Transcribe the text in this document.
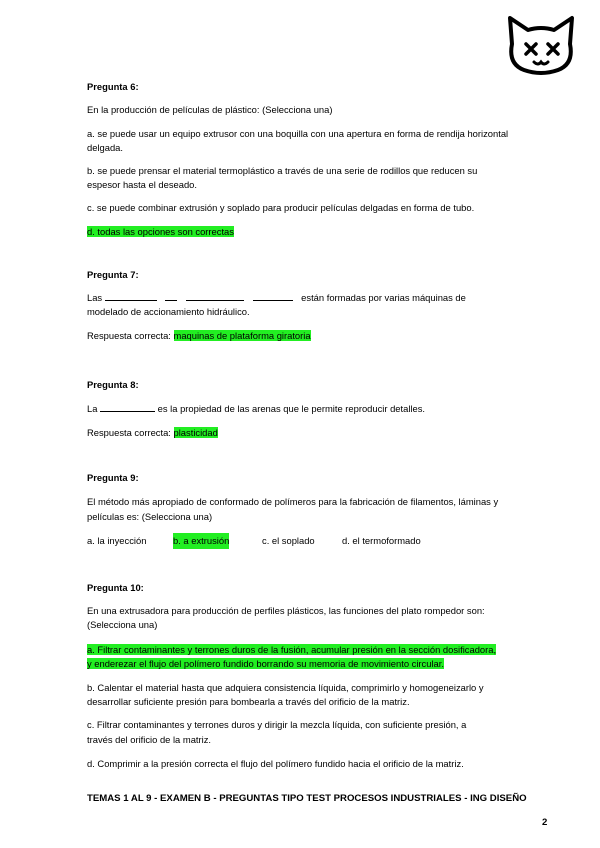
Pregunta 6:
En la producción de películas de plástico: (Selecciona una)
a. se puede usar un equipo extrusor con una boquilla con una apertura en forma de rendija horizontal
delgada.
b. se puede prensar el material termoplástico a través de una serie de rodillos que reducen su
espesor hasta el deseado.
c. se puede combinar extrusión y soplado para producir películas delgadas en forma de tubo.
d. todas las opciones son correctas
Pregunta 7:
Las	están formadas por varias máquinas de
modelado de accionamiento hidráulico.
Respuesta correcta: maquinas de plataforma giratoria
Pregunta 8:
La	es la propiedad de las arenas que le permite reproducir detalles.
Respuesta correcta: plasticidad
Pregunta 9:
El método más apropiado de conformado de polímeros para la fabricación de filamentos, láminas y
películas es: (Selecciona una)
a. la inyección	b. a extrusión	c. el soplado	d. el termoformado
Pregunta 10:
En una extrusadora para producción de perfiles plásticos, las funciones del plato rompedor son:
(Selecciona una)
a. Filtrar contaminantes y terrones duros de la fusión, acumular presión en la sección dosificadora,
y enderezar el flujo del polímero fundido borrando su memoria de movimiento circular.
b. Calentar el material hasta que adquiera consistencia líquida, comprimirlo y homogeneizarlo y
desarrollar suficiente presión para bombearla a través del orificio de la matriz.
c. Filtrar contaminantes y terrones duros y dirigir la mezcla líquida, con suficiente presión, a
través del orificio de la matriz.
d. Comprimir a la presión correcta el flujo del polímero fundido hacia el orificio de la matriz.
TEMAS 1 AL 9 - EXAMEN B - PREGUNTAS TIPO TEST PROCESOS INDUSTRIALES - ING DISEÑO
2
